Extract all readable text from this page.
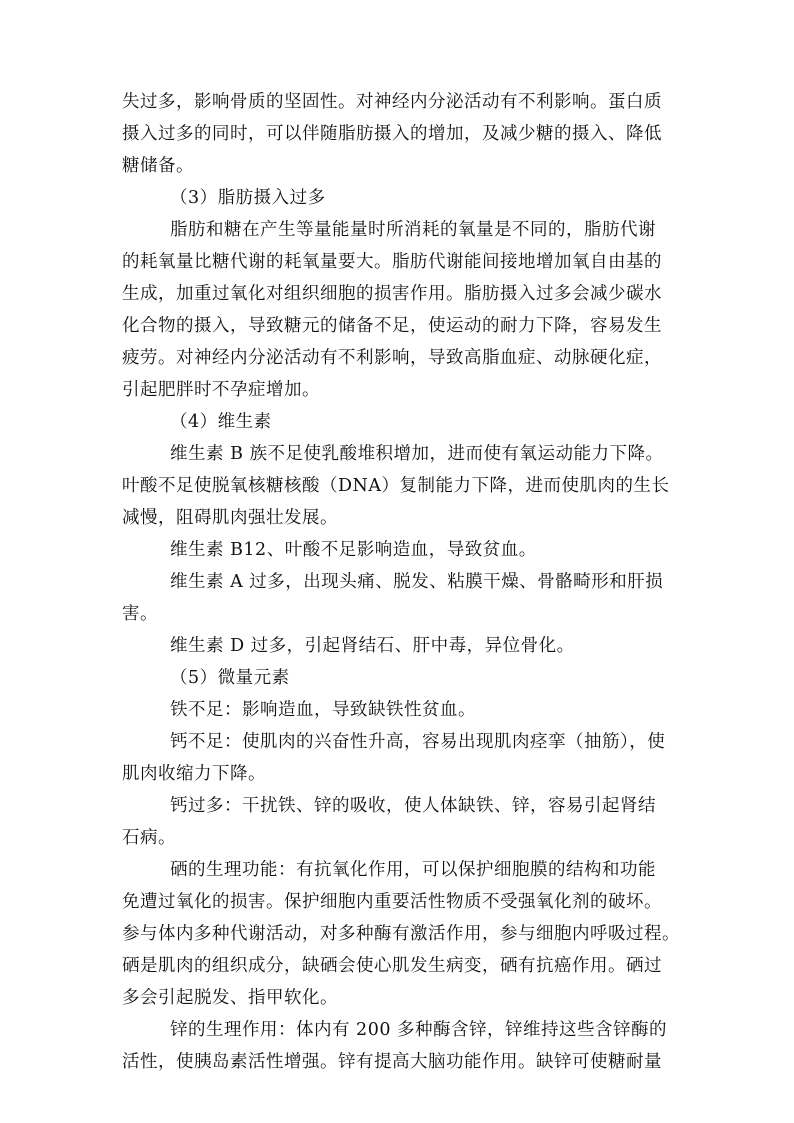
失过多，影响骨质的坚固性。对神经内分泌活动有不利影响。蛋白质
摄入过多的同时，可以伴随脂肪摄入的增加，及减少糖的摄入、降低
糖储备。
（3）脂肪摄入过多
脂肪和糖在产生等量能量时所消耗的氧量是不同的，脂肪代谢
的耗氧量比糖代谢的耗氧量要大。脂肪代谢能间接地增加氧自由基的
生成，加重过氧化对组织细胞的损害作用。脂肪摄入过多会减少碳水
化合物的摄入，导致糖元的储备不足，使运动的耐力下降，容易发生
疲劳。对神经内分泌活动有不利影响，导致高脂血症、动脉硬化症，
引起肥胖时不孕症增加。
（4）维生素
维生素 B 族不足使乳酸堆积增加，进而使有氧运动能力下降。
叶酸不足使脱氧核糖核酸（DNA）复制能力下降，进而使肌肉的生长
减慢，阻碍肌肉强壮发展。
维生素 B12、叶酸不足影响造血，导致贫血。
维生素 A 过多，出现头痛、脱发、粘膜干燥、骨骼畸形和肝损
害。
维生素 D 过多，引起肾结石、肝中毒，异位骨化。
（5）微量元素
铁不足：影响造血，导致缺铁性贫血。
钙不足：使肌肉的兴奋性升高，容易出现肌肉痉挛（抽筋），使
肌肉收缩力下降。
钙过多：干扰铁、锌的吸收，使人体缺铁、锌，容易引起肾结
石病。
硒的生理功能：有抗氧化作用，可以保护细胞膜的结构和功能
免遭过氧化的损害。保护细胞内重要活性物质不受强氧化剂的破坏。
参与体内多种代谢活动，对多种酶有激活作用，参与细胞内呼吸过程。
硒是肌肉的组织成分，缺硒会使心肌发生病变，硒有抗癌作用。硒过
多会引起脱发、指甲软化。
锌的生理作用：体内有 200 多种酶含锌，锌维持这些含锌酶的
活性，使胰岛素活性增强。锌有提高大脑功能作用。缺锌可使糖耐量
